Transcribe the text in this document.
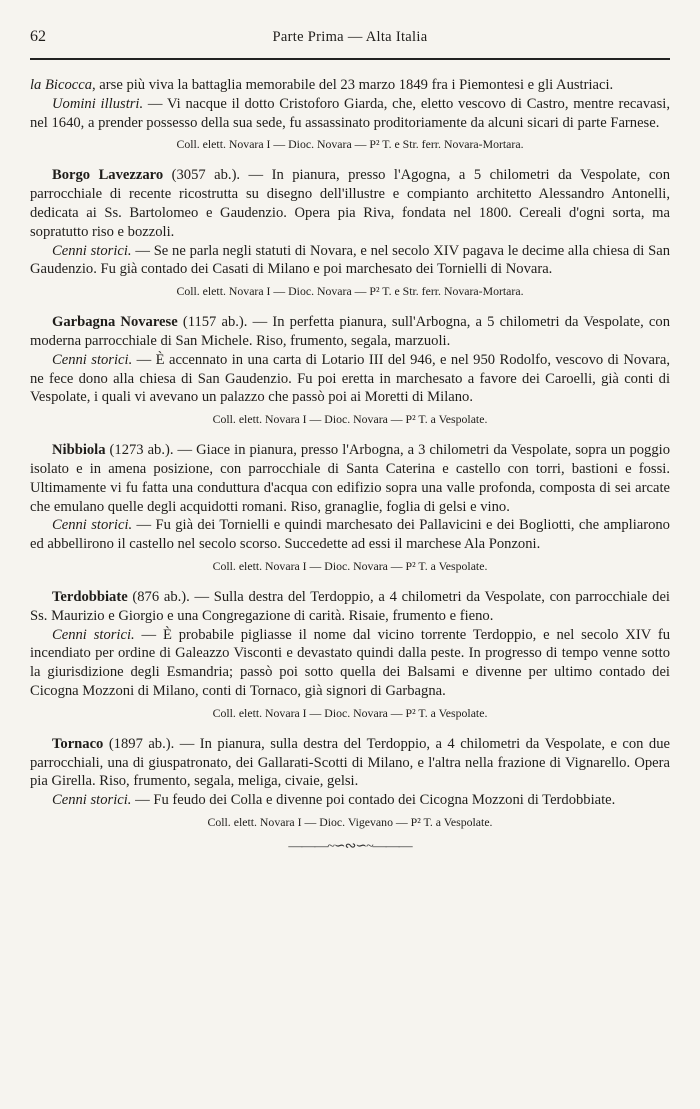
62	Parte Prima — Alta Italia

la Bicocca, arse più viva la battaglia memorabile del 23 marzo 1849 fra i Piemontesi e gli Austriaci.

Uomini illustri. — Vi nacque il dotto Cristoforo Giarda, che, eletto vescovo di Castro, mentre recavasi, nel 1640, a prender possesso della sua sede, fu assassinato proditoriamente da alcuni sicari di parte Farnese.

Coll. elett. Novara I — Dioc. Novara — P² T. e Str. ferr. Novara-Mortara.

Borgo Lavezzaro (3057 ab.). — In pianura, presso l'Agogna, a 5 chilometri da Vespolate, con parrocchiale di recente ricostrutta su disegno dell'illustre e compianto architetto Alessandro Antonelli, dedicata ai Ss. Bartolomeo e Gaudenzio. Opera pia Riva, fondata nel 1800. Cereali d'ogni sorta, ma sopratutto riso e bozzoli.

Cenni storici. — Se ne parla negli statuti di Novara, e nel secolo XIV pagava le decime alla chiesa di San Gaudenzio. Fu già contado dei Casati di Milano e poi marchesato dei Tornielli di Novara.

Coll. elett. Novara I — Dioc. Novara — P² T. e Str. ferr. Novara-Mortara.

Garbagna Novarese (1157 ab.). — In perfetta pianura, sull'Arbogna, a 5 chilometri da Vespolate, con moderna parrocchiale di San Michele. Riso, frumento, segala, marzuoli.

Cenni storici. — È accennato in una carta di Lotario III del 946, e nel 950 Rodolfo, vescovo di Novara, ne fece dono alla chiesa di San Gaudenzio. Fu poi eretta in marchesato a favore dei Caroelli, già conti di Vespolate, i quali vi avevano un palazzo che passò poi ai Moretti di Milano.

Coll. elett. Novara I — Dioc. Novara — P² T. a Vespolate.

Nibbiola (1273 ab.). — Giace in pianura, presso l'Arbogna, a 3 chilometri da Vespolate, sopra un poggio isolato e in amena posizione, con parrocchiale di Santa Caterina e castello con torri, bastioni e fossi. Ultimamente vi fu fatta una conduttura d'acqua con edifizio sopra una valle profonda, composta di sei arcate che emulano quelle degli acquidotti romani. Riso, granaglie, foglia di gelsi e vino.

Cenni storici. — Fu già dei Tornielli e quindi marchesato dei Pallavicini e dei Bogliotti, che ampliarono ed abbellirono il castello nel secolo scorso. Succedette ad essi il marchese Ala Ponzoni.

Coll. elett. Novara I — Dioc. Novara — P² T. a Vespolate.

Terdobbiate (876 ab.). — Sulla destra del Terdoppio, a 4 chilometri da Vespolate, con parrocchiale dei Ss. Maurizio e Giorgio e una Congregazione di carità. Risaie, frumento e fieno.

Cenni storici. — È probabile pigliasse il nome dal vicino torrente Terdoppio, e nel secolo XIV fu incendiato per ordine di Galeazzo Visconti e devastato quindi dalla peste. In progresso di tempo venne sotto la giurisdizione degli Esmandria; passò poi sotto quella dei Balsami e divenne per ultimo contado dei Cicogna Mozzoni di Milano, conti di Tornaco, già signori di Garbagna.

Coll. elett. Novara I — Dioc. Novara — P² T. a Vespolate.

Tornaco (1897 ab.). — In pianura, sulla destra del Terdoppio, a 4 chilometri da Vespolate, e con due parrocchiali, una di giuspatronato, dei Gallarati-Scotti di Milano, e l'altra nella frazione di Vignarello. Opera pia Girella. Riso, frumento, segala, meliga, civaie, gelsi.

Cenni storici. — Fu feudo dei Colla e divenne poi contado dei Cicogna Mozzoni di Terdobbiate.

Coll. elett. Novara I — Dioc. Vigevano — P² T. a Vespolate.
———~∽∾∽~———
